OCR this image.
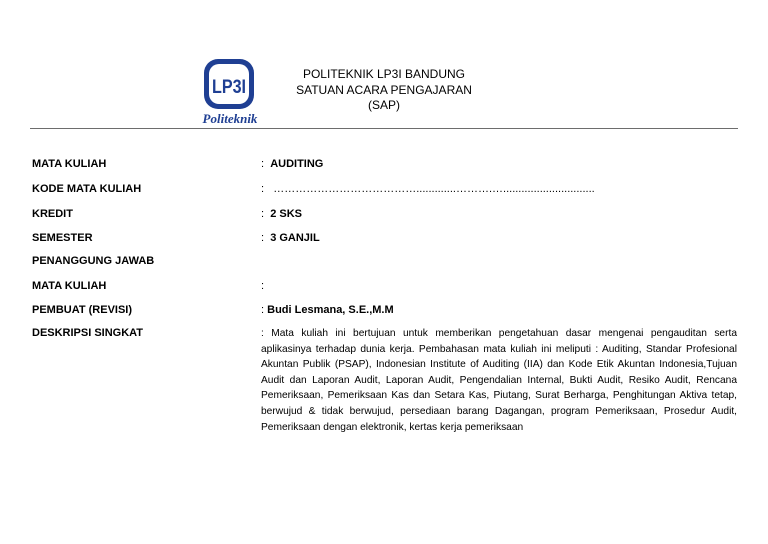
LP3I
Politeknik
POLITEKNIK LP3I BANDUNG
SATUAN ACARA PENGAJARAN
(SAP)
MATA KULIAH	: AUDITING
KODE MATA KULIAH	: ………………………………….............……….…..............................
KREDIT	: 2 SKS
SEMESTER	: 3 GANJIL
PENANGGUNG JAWAB
MATA KULIAH	:
PEMBUAT (REVISI)	: Budi Lesmana, S.E.,M.M
DESKRIPSI SINGKAT	: Mata kuliah ini bertujuan untuk memberikan pengetahuan dasar mengenai pengauditan serta aplikasinya terhadap dunia kerja. Pembahasan mata kuliah ini meliputi : Auditing, Standar Profesional Akuntan Publik (PSAP), Indonesian Institute of Auditing (IIA) dan Kode Etik Akuntan Indonesia,Tujuan Audit dan Laporan Audit, Laporan Audit, Pengendalian Internal, Bukti Audit, Resiko Audit, Rencana Pemeriksaan, Pemeriksaan Kas dan Setara Kas, Piutang, Surat Berharga, Penghitungan Aktiva tetap, berwujud & tidak berwujud, persediaan barang Dagangan, program Pemeriksaan, Prosedur Audit, Pemeriksaan dengan elektronik, kertas kerja pemeriksaan
